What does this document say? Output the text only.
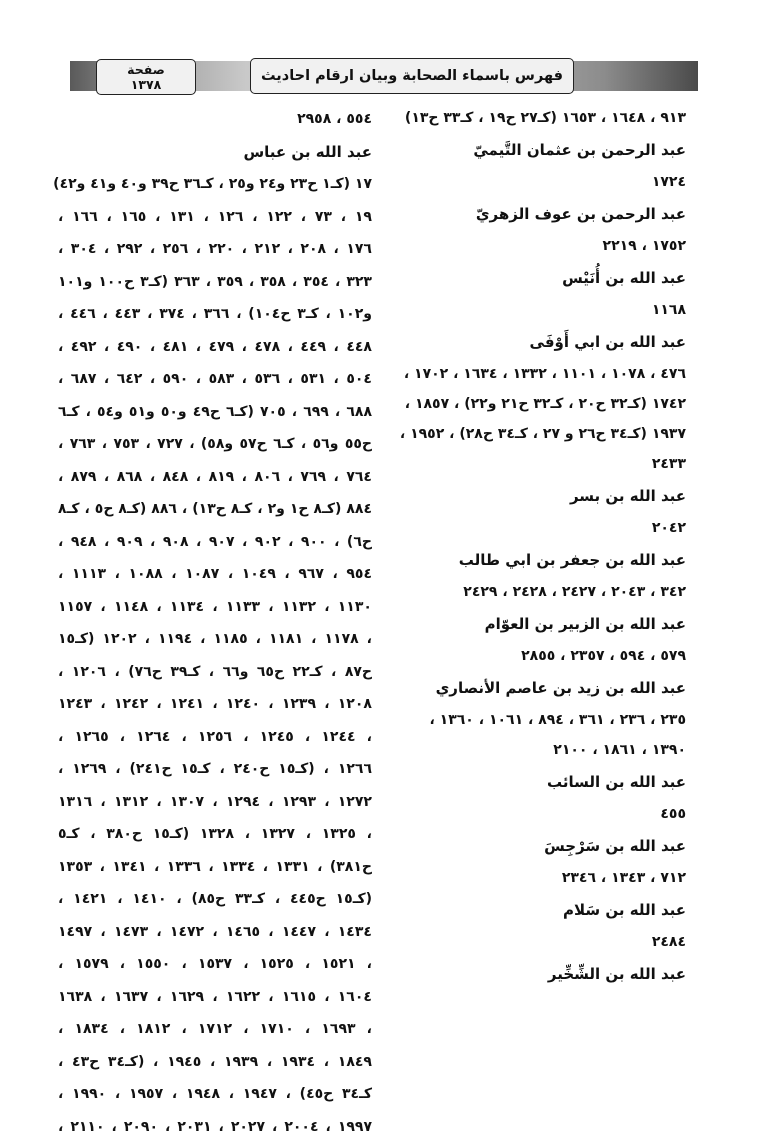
فهرس باسماء الصحابة وبيان ارقام احاديث
صفحة
١٣٧٨
٩١٣ ، ١٦٤٨ ، ١٦٥٣ (كـ٢٧ ح١٩ ، كـ٣٣ ح١٣)
عبد الرحمن بن عثمان التَّيميّ
١٧٢٤
عبد الرحمن بن عوف الزهريّ
١٧٥٢ ، ٢٢١٩
عبد الله بن أُنَيْس
١١٦٨
عبد الله بن ابي أَوْفَى
٤٧٦ ، ١٠٧٨ ، ١١٠١ ، ١٣٣٢ ، ١٦٣٤ ، ١٧٠٢ ،
١٧٤٢ (كـ٣٢ ح٢٠ ، كـ٣٢ ح٢١ و٢٢) ، ١٨٥٧ ،
١٩٣٧ (كـ٣٤ ح٢٦ و ٢٧ ، كـ٣٤ ح٢٨) ، ١٩٥٢ ،
٢٤٣٣
عبد الله بن بسر
٢٠٤٢
عبد الله بن جعفر بن ابي طالب
٣٤٢ ، ٢٠٤٣ ، ٢٤٢٧ ، ٢٤٢٨ ، ٢٤٢٩
عبد الله بن الزبير بن العوّام
٥٧٩ ، ٥٩٤ ، ٢٣٥٧ ، ٢٨٥٥
عبد الله بن زيد بن عاصم الأنصاري
٢٣٥ ، ٢٣٦ ، ٣٦١ ، ٨٩٤ ، ١٠٦١ ، ١٣٦٠ ،
١٣٩٠ ، ١٨٦١ ، ٢١٠٠
عبد الله بن السائب
٤٥٥
عبد الله بن سَرْجِسَ
٧١٢ ، ١٣٤٣ ، ٢٣٤٦
عبد الله بن سَلام
٢٤٨٤
عبد الله بن الشِّخِّير
٥٥٤ ، ٢٩٥٨
عبد الله بن عباس
١٧ (كـ١ ح٢٣ و٢٤ و٢٥ ، كـ٣٦ ح٣٩ و٤٠ و٤١ و٤٢)
١٩ ، ٧٣ ، ١٢٢ ، ١٢٦ ، ١٣١ ، ١٦٥ ، ١٦٦ ،
١٧٦ ، ٢٠٨ ، ٢١٢ ، ٢٢٠ ، ٢٥٦ ، ٢٩٢ ، ٣٠٤ ،
٣٢٣ ، ٣٥٤ ، ٣٥٨ ، ٣٥٩ ، ٣٦٣ (كـ٣ ح١٠٠ و١٠١
و١٠٢ ، كـ٣ ح١٠٤) ، ٣٦٦ ، ٣٧٤ ، ٤٤٣ ، ٤٤٦ ،
٤٤٨ ، ٤٤٩ ، ٤٧٨ ، ٤٧٩ ، ٤٨١ ، ٤٩٠ ، ٤٩٢ ،
٥٠٤ ، ٥٣١ ، ٥٣٦ ، ٥٨٣ ، ٥٩٠ ، ٦٤٢ ، ٦٨٧ ،
٦٨٨ ، ٦٩٩ ، ٧٠٥ (كـ٦ ح٤٩ و٥٠ و٥١ و٥٤ ، كـ٦
ح٥٥ و٥٦ ، كـ٦ ح٥٧ و٥٨) ، ٧٢٧ ، ٧٥٣ ، ٧٦٣ ،
٧٦٤ ، ٧٦٩ ، ٨٠٦ ، ٨١٩ ، ٨٤٨ ، ٨٦٨ ، ٨٧٩ ،
٨٨٤ (كـ٨ ح١ و٢ ، كـ٨ ح١٣) ، ٨٨٦ (كـ٨ ح٥ ، كـ٨
ح٦) ، ٩٠٠ ، ٩٠٢ ، ٩٠٧ ، ٩٠٨ ، ٩٠٩ ، ٩٤٨ ،
٩٥٤ ، ٩٦٧ ، ١٠٤٩ ، ١٠٨٧ ، ١٠٨٨ ، ١١١٣ ،
١١٣٠ ، ١١٣٢ ، ١١٣٣ ، ١١٣٤ ، ١١٤٨ ، ١١٥٧
، ١١٧٨ ، ١١٨١ ، ١١٨٥ ، ١١٩٤ ، ١٢٠٢ (كـ١٥
ح٨٧ ، كـ٢٢ ح٦٥ و٦٦ ، كـ٣٩ ح٧٦) ، ١٢٠٦ ،
١٢٠٨ ، ١٢٣٩ ، ١٢٤٠ ، ١٢٤١ ، ١٢٤٢ ، ١٢٤٣
، ١٢٤٤ ، ١٢٤٥ ، ١٢٥٦ ، ١٢٦٤ ، ١٢٦٥ ،
١٢٦٦ ، (كـ١٥ ح٢٤٠ ، كـ١٥ ح٢٤١) ، ١٢٦٩ ،
١٢٧٢ ، ١٢٩٣ ، ١٢٩٤ ، ١٣٠٧ ، ١٣١٢ ، ١٣١٦
، ١٣٢٥ ، ١٣٢٧ ، ١٣٢٨ (كـ١٥ ح٣٨٠ ، كـ٥
ح٣٨١) ، ١٣٣١ ، ١٣٣٤ ، ١٣٣٦ ، ١٣٤١ ، ١٣٥٣
(كـ١٥ ح٤٤٥ ، كـ٣٣ ح٨٥) ، ١٤١٠ ، ١٤٢١ ،
١٤٣٤ ، ١٤٤٧ ، ١٤٦٥ ، ١٤٧٢ ، ١٤٧٣ ، ١٤٩٧
، ١٥٢١ ، ١٥٢٥ ، ١٥٣٧ ، ١٥٥٠ ، ١٥٧٩ ،
١٦٠٤ ، ١٦١٥ ، ١٦٢٢ ، ١٦٢٩ ، ١٦٣٧ ، ١٦٣٨
، ١٦٩٣ ، ١٧١٠ ، ١٧١٢ ، ١٨١٢ ، ١٨٣٤ ،
١٨٤٩ ، ١٩٣٤ ، ١٩٣٩ ، ١٩٤٥ ، (كـ٣٤ ح٤٣ ،
كـ٣٤ ح٤٥) ، ١٩٤٧ ، ١٩٤٨ ، ١٩٥٧ ، ١٩٩٠ ،
١٩٩٧ ، ٢٠٠٤ ، ٢٠٢٧ ، ٢٠٣١ ، ٢٠٩٠ ، ٢١١٠ ،
